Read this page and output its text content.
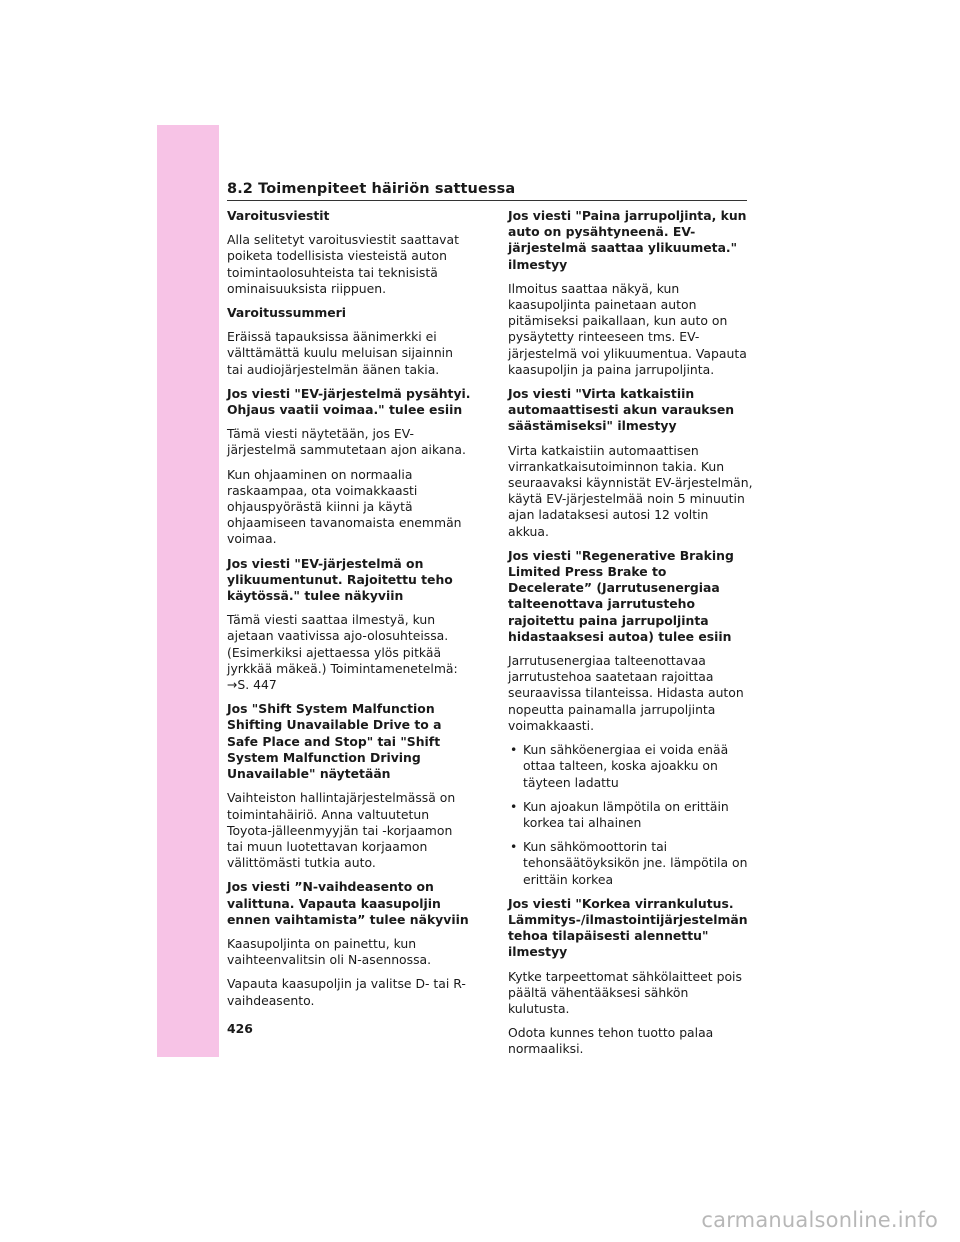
8.2 Toimenpiteet häiriön sattuessa
Varoitusviestit

Alla selitetyt varoitusviestit saattavat poiketa todellisista viesteistä auton toimintaolosuhteista tai teknisistä ominaisuuksista riippuen.

Varoitussummeri

Eräissä tapauksissa äänimerkki ei välttämättä kuulu meluisan sijainnin tai audiojärjestelmän äänen takia.

Jos viesti "EV-järjestelmä pysähtyi. Ohjaus vaatii voimaa." tulee esiin

Tämä viesti näytetään, jos EV-järjestelmä sammutetaan ajon aikana.

Kun ohjaaminen on normaalia raskaampaa, ota voimakkaasti ohjauspyörästä kiinni ja käytä ohjaamiseen tavanomaista enemmän voimaa.

Jos viesti "EV-järjestelmä on ylikuumentunut. Rajoitettu teho käytössä." tulee näkyviin

Tämä viesti saattaa ilmestyä, kun ajetaan vaativissa ajo-olosuhteissa. (Esimerkiksi ajettaessa ylös pitkää jyrkkää mäkeä.) Toimintamenetelmä: →S. 447

Jos "Shift System Malfunction Shifting Unavailable Drive to a Safe Place and Stop" tai "Shift System Malfunction Driving Unavailable" näytetään

Vaihteiston hallintajärjestelmässä on toimintahäiriö. Anna valtuutetun Toyota-jälleenmyyjän tai -korjaamon tai muun luotettavan korjaamon välittömästi tutkia auto.

Jos viesti ”N-vaihdeasento on valittuna. Vapauta kaasupoljin ennen vaihtamista” tulee näkyviin

Kaasupoljinta on painettu, kun vaihteenvalitsin oli N-asennossa.

Vapauta kaasupoljin ja valitse D- tai R-vaihdeasento.

Jos viesti "Paina jarrupoljinta, kun auto on pysähtyneenä. EV-järjestelmä saattaa ylikuumeta." ilmestyy

Ilmoitus saattaa näkyä, kun kaasupoljinta painetaan auton pitämiseksi paikallaan, kun auto on pysäytetty rinteeseen tms. EV-järjestelmä voi ylikuumentua. Vapauta kaasupoljin ja paina jarrupoljinta.

Jos viesti "Virta katkaistiin automaattisesti akun varauksen säästämiseksi" ilmestyy

Virta katkaistiin automaattisen virrankatkaisutoiminnon takia. Kun seuraavaksi käynnistät EV-ärjestelmän, käytä EV-järjestelmää noin 5 minuutin ajan ladataksesi autosi 12 voltin akkua.

Jos viesti "Regenerative Braking Limited Press Brake to Decelerate” (Jarrutusenergiaa talteenottava jarrutusteho rajoitettu paina jarrupoljinta hidastaaksesi autoa) tulee esiin

Jarrutusenergiaa talteenottavaa jarrutustehoa saatetaan rajoittaa seuraavissa tilanteissa. Hidasta auton nopeutta painamalla jarrupoljinta voimakkaasti.

• Kun sähköenergiaa ei voida enää ottaa talteen, koska ajoakku on täyteen ladattu
• Kun ajoakun lämpötila on erittäin korkea tai alhainen
• Kun sähkömoottorin tai tehonsäätöyksikön jne. lämpötila on erittäin korkea
Jos viesti "Korkea virrankulutus. Lämmitys-/ilmastointijärjestelmän tehoa tilapäisesti alennettu" ilmestyy

Kytke tarpeettomat sähkölaitteet pois päältä vähentääksesi sähkön kulutusta.

Odota kunnes tehon tuotto palaa normaaliksi.

426
carmanualsonline.info
